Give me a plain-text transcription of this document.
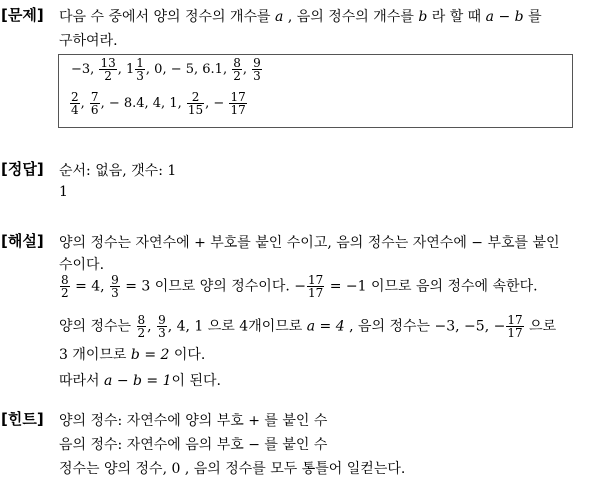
[문제] 다음 수 중에서 양의 정수의 개수를 a , 음의 정수의 개수를 b 라 할 때 a − b 를
구하여라.
−3, $\frac{13}{2}$ , $1 \frac{1}{3}$ , 0, − 5, 6.1, $\frac{8}{2}$ , $\frac{9}{3}$
$\frac{2}{4}$ , $\frac{7}{6}$ , − 8.4, 4, 1, $\frac{2}{15}$ , − $\frac{17}{17}$
[정답] 순서: 없음, 갯수: 1
1
[해설] 양의 정수는 자연수에 + 부호를 붙인 수이고, 음의 정수는 자연수에 − 부호를 붙인
수이다.
$\frac{8}{2} = 4$, $\frac{9}{3} = 3$ 이므로 양의 정수이다. − $\frac{17}{17} = -1$ 이므로 음의 정수에 속한다.
양의 정수는 $\frac{8}{2}$ , $\frac{9}{3}$ , 4, 1 으로 4개이므로 a = 4 , 음의 정수는 −3, −5, − $\frac{17}{17}$ 으로
3 개이므로 b = 2 이다.
따라서 a − b = 1이 된다.
[힌트] 양의 정수: 자연수에 양의 부호 + 를 붙인 수
음의 정수: 자연수에 음의 부호 − 를 붙인 수
정수는 양의 정수, 0 , 음의 정수를 모두 통틀어 일컫는다.
